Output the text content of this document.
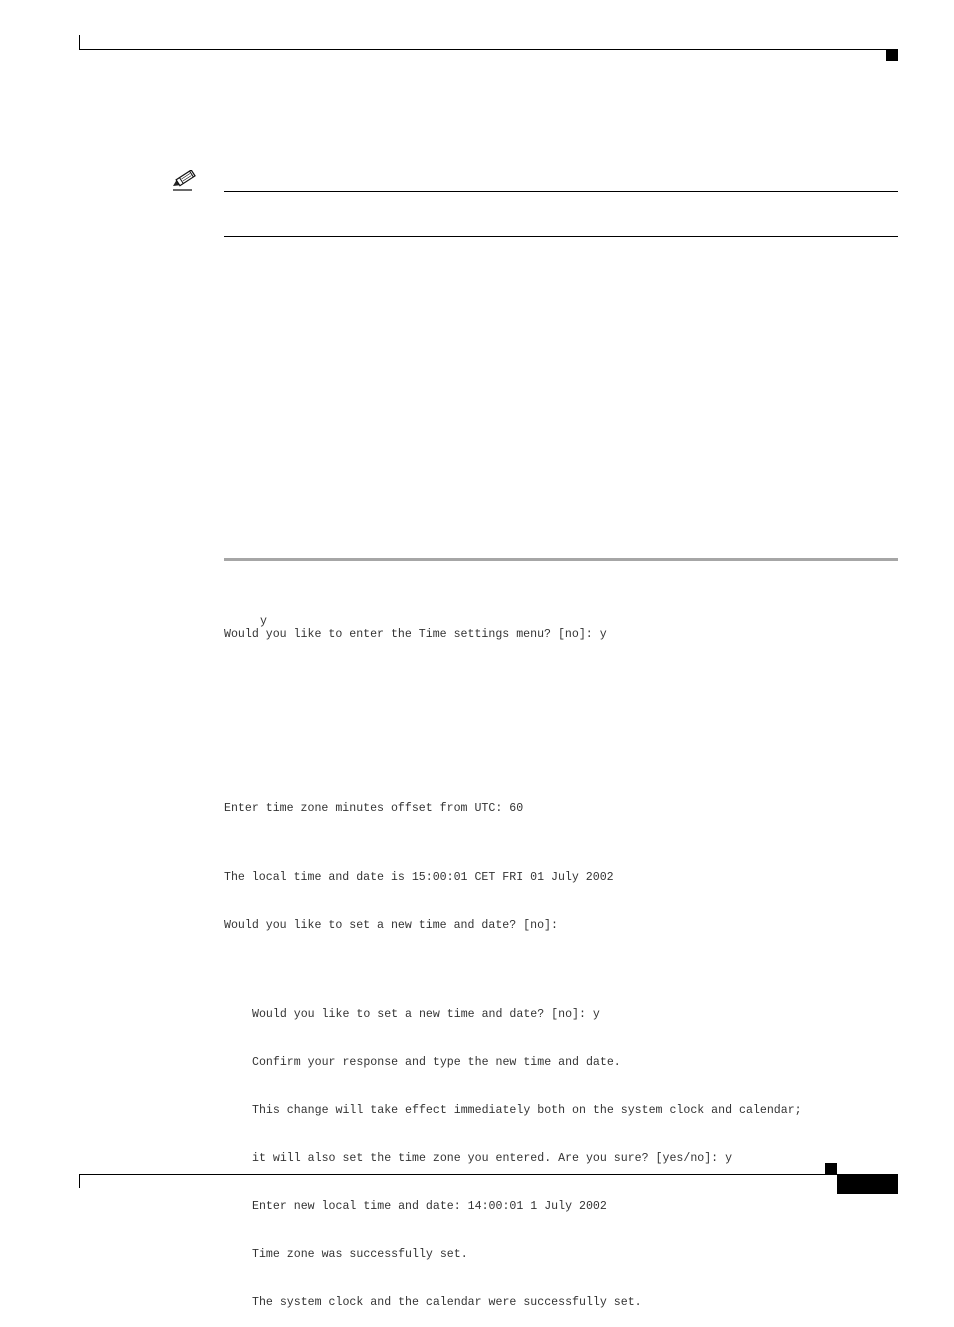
Would you like to enter the Time settings menu? [no]: y

y

Enter time zone minutes offset from UTC: 60

The local time and date is 15:00:01 CET FRI 01 July 2002

Would you like to set a new time and date? [no]:

Would you like to set a new time and date? [no]: y

Confirm your response and type the new time and date.

This change will take effect immediately both on the system clock and calendar;

it will also set the time zone you entered. Are you sure? [yes/no]: y

Enter new local time and date: 14:00:01 1 July 2002

Time zone was successfully set.

The system clock and the calendar were successfully set.
